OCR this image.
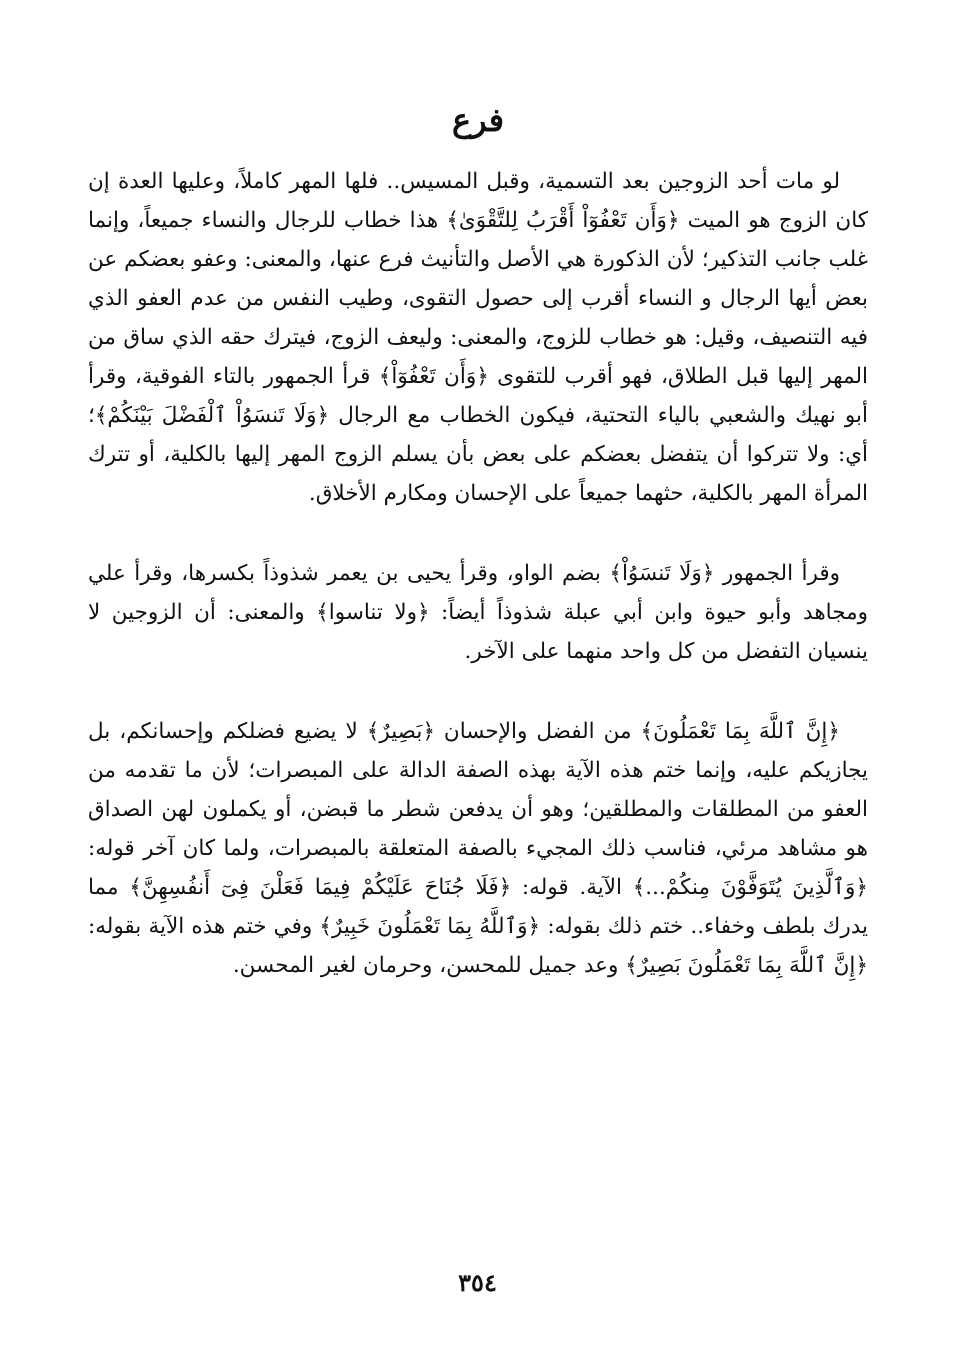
فرع

لو مات أحد الزوجين بعد التسمية، وقبل المسيس.. فلها المهر كاملاً، وعليها العدة إن كان الزوج هو الميت ﴿وَأَن تَعْفُوٓاْ أَقْرَبُ لِلتَّقْوَىٰ﴾ هذا خطاب للرجال والنساء جميعاً، وإنما غلب جانب التذكير؛ لأن الذكورة هي الأصل والتأنيث فرع عنها، والمعنى: وعفو بعضكم عن بعض أيها الرجال و النساء أقرب إلى حصول التقوى، وطيب النفس من عدم العفو الذي فيه التنصيف، وقيل: هو خطاب للزوج، والمعنى: وليعف الزوج، فيترك حقه الذي ساق من المهر إليها قبل الطلاق، فهو أقرب للتقوى ﴿وَأَن تَعْفُوٓاْ﴾ قرأ الجمهور بالتاء الفوقية، وقرأ أبو نهيك والشعبي بالياء التحتية، فيكون الخطاب مع الرجال ﴿وَلَا تَنسَوُاْ ٱلْفَضْلَ بَيْنَكُمْ﴾؛ أي: ولا تتركوا أن يتفضل بعضكم على بعض بأن يسلم الزوج المهر إليها بالكلية، أو تترك المرأة المهر بالكلية، حثهما جميعاً على الإحسان ومكارم الأخلاق.

وقرأ الجمهور ﴿وَلَا تَنسَوُاْ﴾ بضم الواو، وقرأ يحيى بن يعمر شذوذاً بكسرها، وقرأ علي ومجاهد وأبو حيوة وابن أبي عبلة شذوذاً أيضاً: ﴿ولا تناسوا﴾ والمعنى: أن الزوجين لا ينسيان التفضل من كل واحد منهما على الآخر.

﴿إِنَّ ٱللَّهَ بِمَا تَعْمَلُونَ﴾ من الفضل والإحسان ﴿بَصِيرٌ﴾ لا يضيع فضلكم وإحسانكم، بل يجازيكم عليه، وإنما ختم هذه الآية بهذه الصفة الدالة على المبصرات؛ لأن ما تقدمه من العفو من المطلقات والمطلقين؛ وهو أن يدفعن شطر ما قبضن، أو يكملون لهن الصداق هو مشاهد مرئي، فناسب ذلك المجيء بالصفة المتعلقة بالمبصرات، ولما كان آخر قوله: ﴿وَٱلَّذِينَ يُتَوَفَّوْنَ مِنكُمْ...﴾ الآية. قوله: ﴿فَلَا جُنَاحَ عَلَيْكُمْ فِيمَا فَعَلْنَ فِىٓ أَنفُسِهِنَّ﴾ مما يدرك بلطف وخفاء.. ختم ذلك بقوله: ﴿وَٱللَّهُ بِمَا تَعْمَلُونَ خَبِيرٌ﴾ وفي ختم هذه الآية بقوله: ﴿إِنَّ ٱللَّهَ بِمَا تَعْمَلُونَ بَصِيرٌ﴾ وعد جميل للمحسن، وحرمان لغير المحسن.

٣٥٤
